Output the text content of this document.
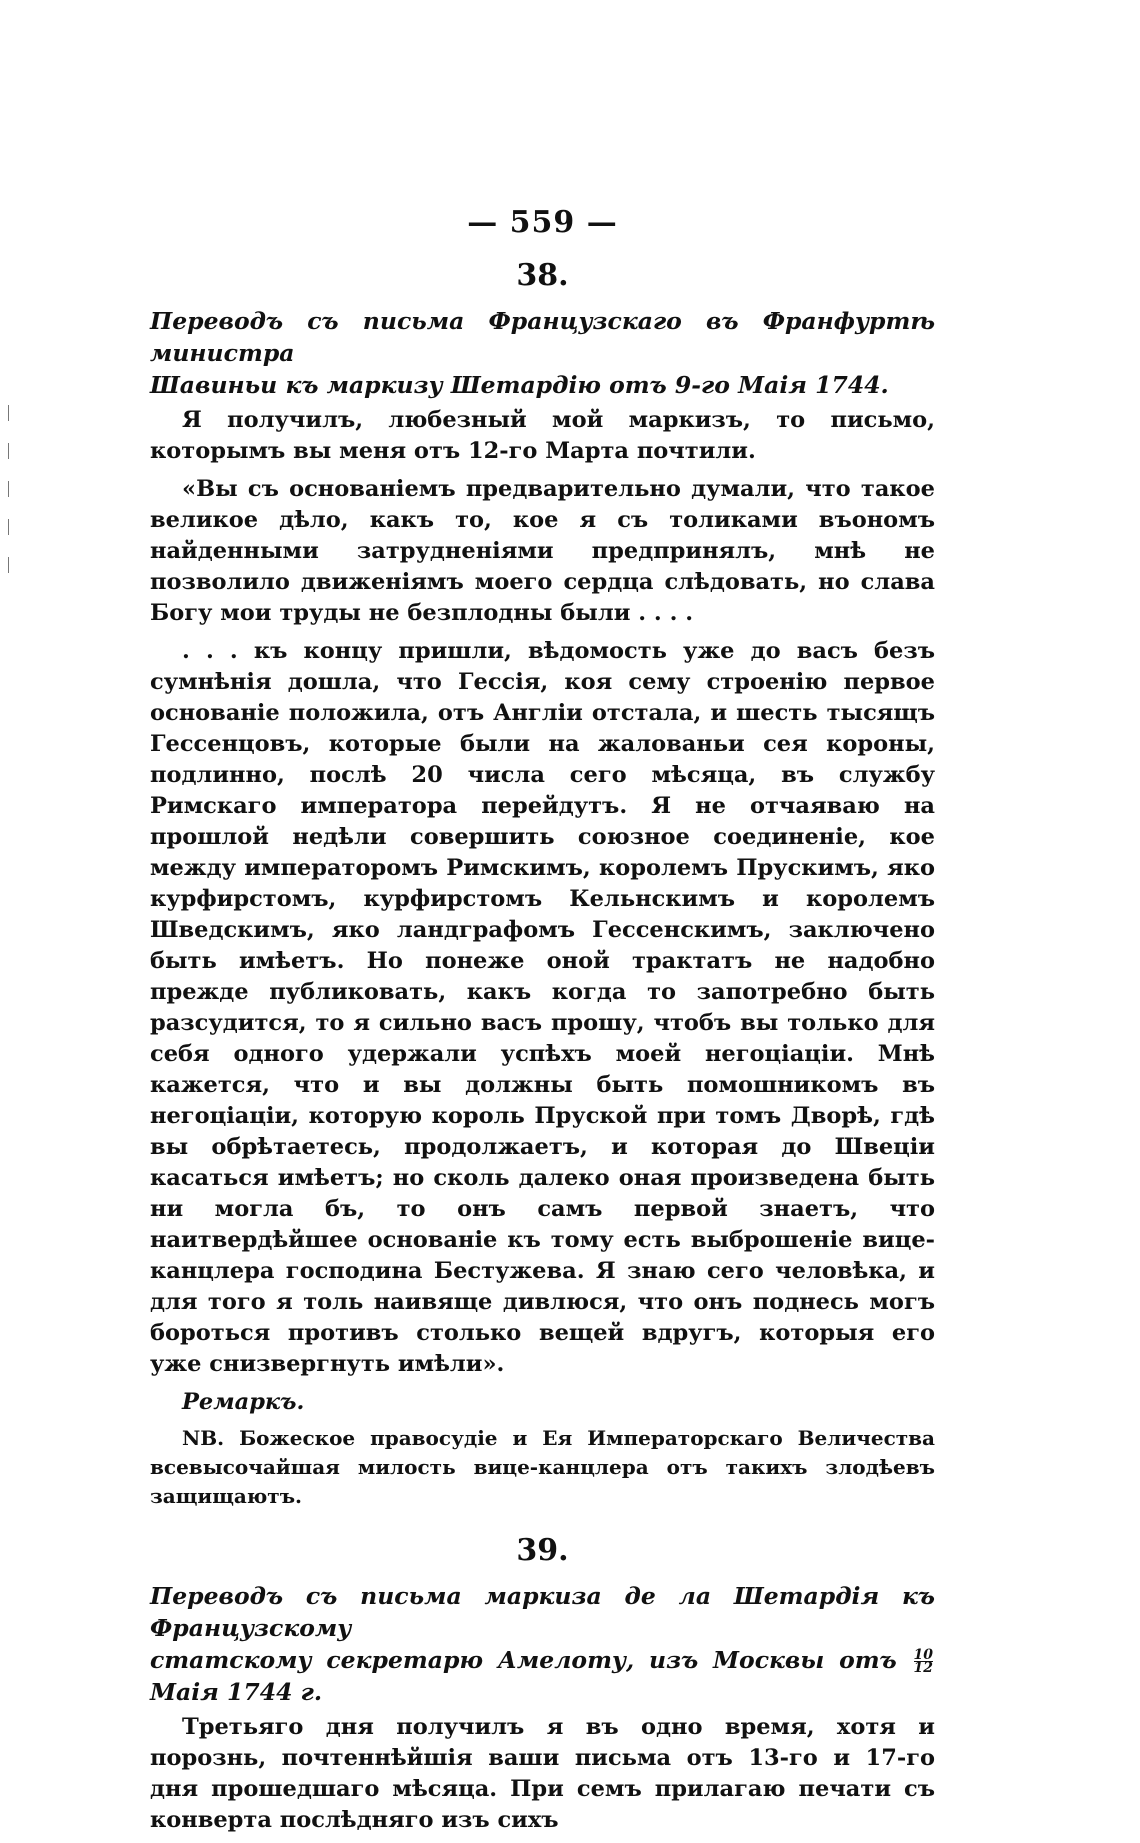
— 559 —
38.
Переводъ съ письма Французскаго въ Франфуртѣ министра
Шавиньи къ маркизу Шетардію отъ 9-го Маія 1744.

Я получилъ, любезный мой маркизъ, то письмо, которымъ вы меня отъ 12-го Марта почтили.

«Вы съ основаніемъ предварительно думали, что такое великое дѣло, какъ то, кое я съ толиками въономъ найденными затрудненіями предпринялъ, мнѣ не позволило движеніямъ моего сердца слѣдовать, но слава Богу мои труды не безплодны были . . . .

. . . къ концу пришли, вѣдомость уже до васъ безъ сумнѣнія дошла, что Гессія, коя сему строенію первое основаніе положила, отъ Англіи отстала, и шесть тысящъ Гессенцовъ, которые были на жалованьи сея короны, подлинно, послѣ 20 числа сего мѣсяца, въ службу Римскаго императора перейдутъ. Я не отчаяваю на прошлой недѣли совершить союзное соединеніе, кое между императоромъ Римскимъ, королемъ Прускимъ, яко курфирстомъ, курфирстомъ Кельнскимъ и королемъ Шведскимъ, яко ландграфомъ Гессенскимъ, заключено быть имѣетъ. Но понеже оной трактатъ не надобно прежде публиковать, какъ когда то запотребно быть разсудится, то я сильно васъ прошу, чтобъ вы только для себя одного удержали успѣхъ моей негоціаціи. Мнѣ кажется, что и вы должны быть помошникомъ въ негоціаціи, которую король Пруской при томъ Дворѣ, гдѣ вы обрѣтаетесь, продолжаетъ, и которая до Швеціи касаться имѣетъ; но сколь далеко оная произведена быть ни могла бъ, то онъ самъ первой знаетъ, что наитвердѣйшее основаніе къ тому есть выброшеніе вице-канцлера господина Бестужева. Я знаю сего человѣка, и для того я толь наивяще дивлюся, что онъ поднесь могъ бороться противъ столько вещей вдругъ, которыя его уже снизвергнуть имѣли».

Ремаркъ.

NB. Божеское правосудіе и Ея Императорскаго Величества всевысочайшая милость вице-канцлера отъ такихъ злодѣевъ защищаютъ.

39.
Переводъ съ письма маркиза де ла Шетардія къ Французскому
статскому секретарю Амелоту, изъ Москвы отъ $\frac{10}{12}$
Маія 1744 г.

Третьяго дня получилъ я въ одно время, хотя и порознь, почтеннѣйшія ваши письма отъ 13-го и 17-го дня прошедшаго мѣсяца. При семъ прилагаю печати съ конверта послѣдняго изъ сихъ
